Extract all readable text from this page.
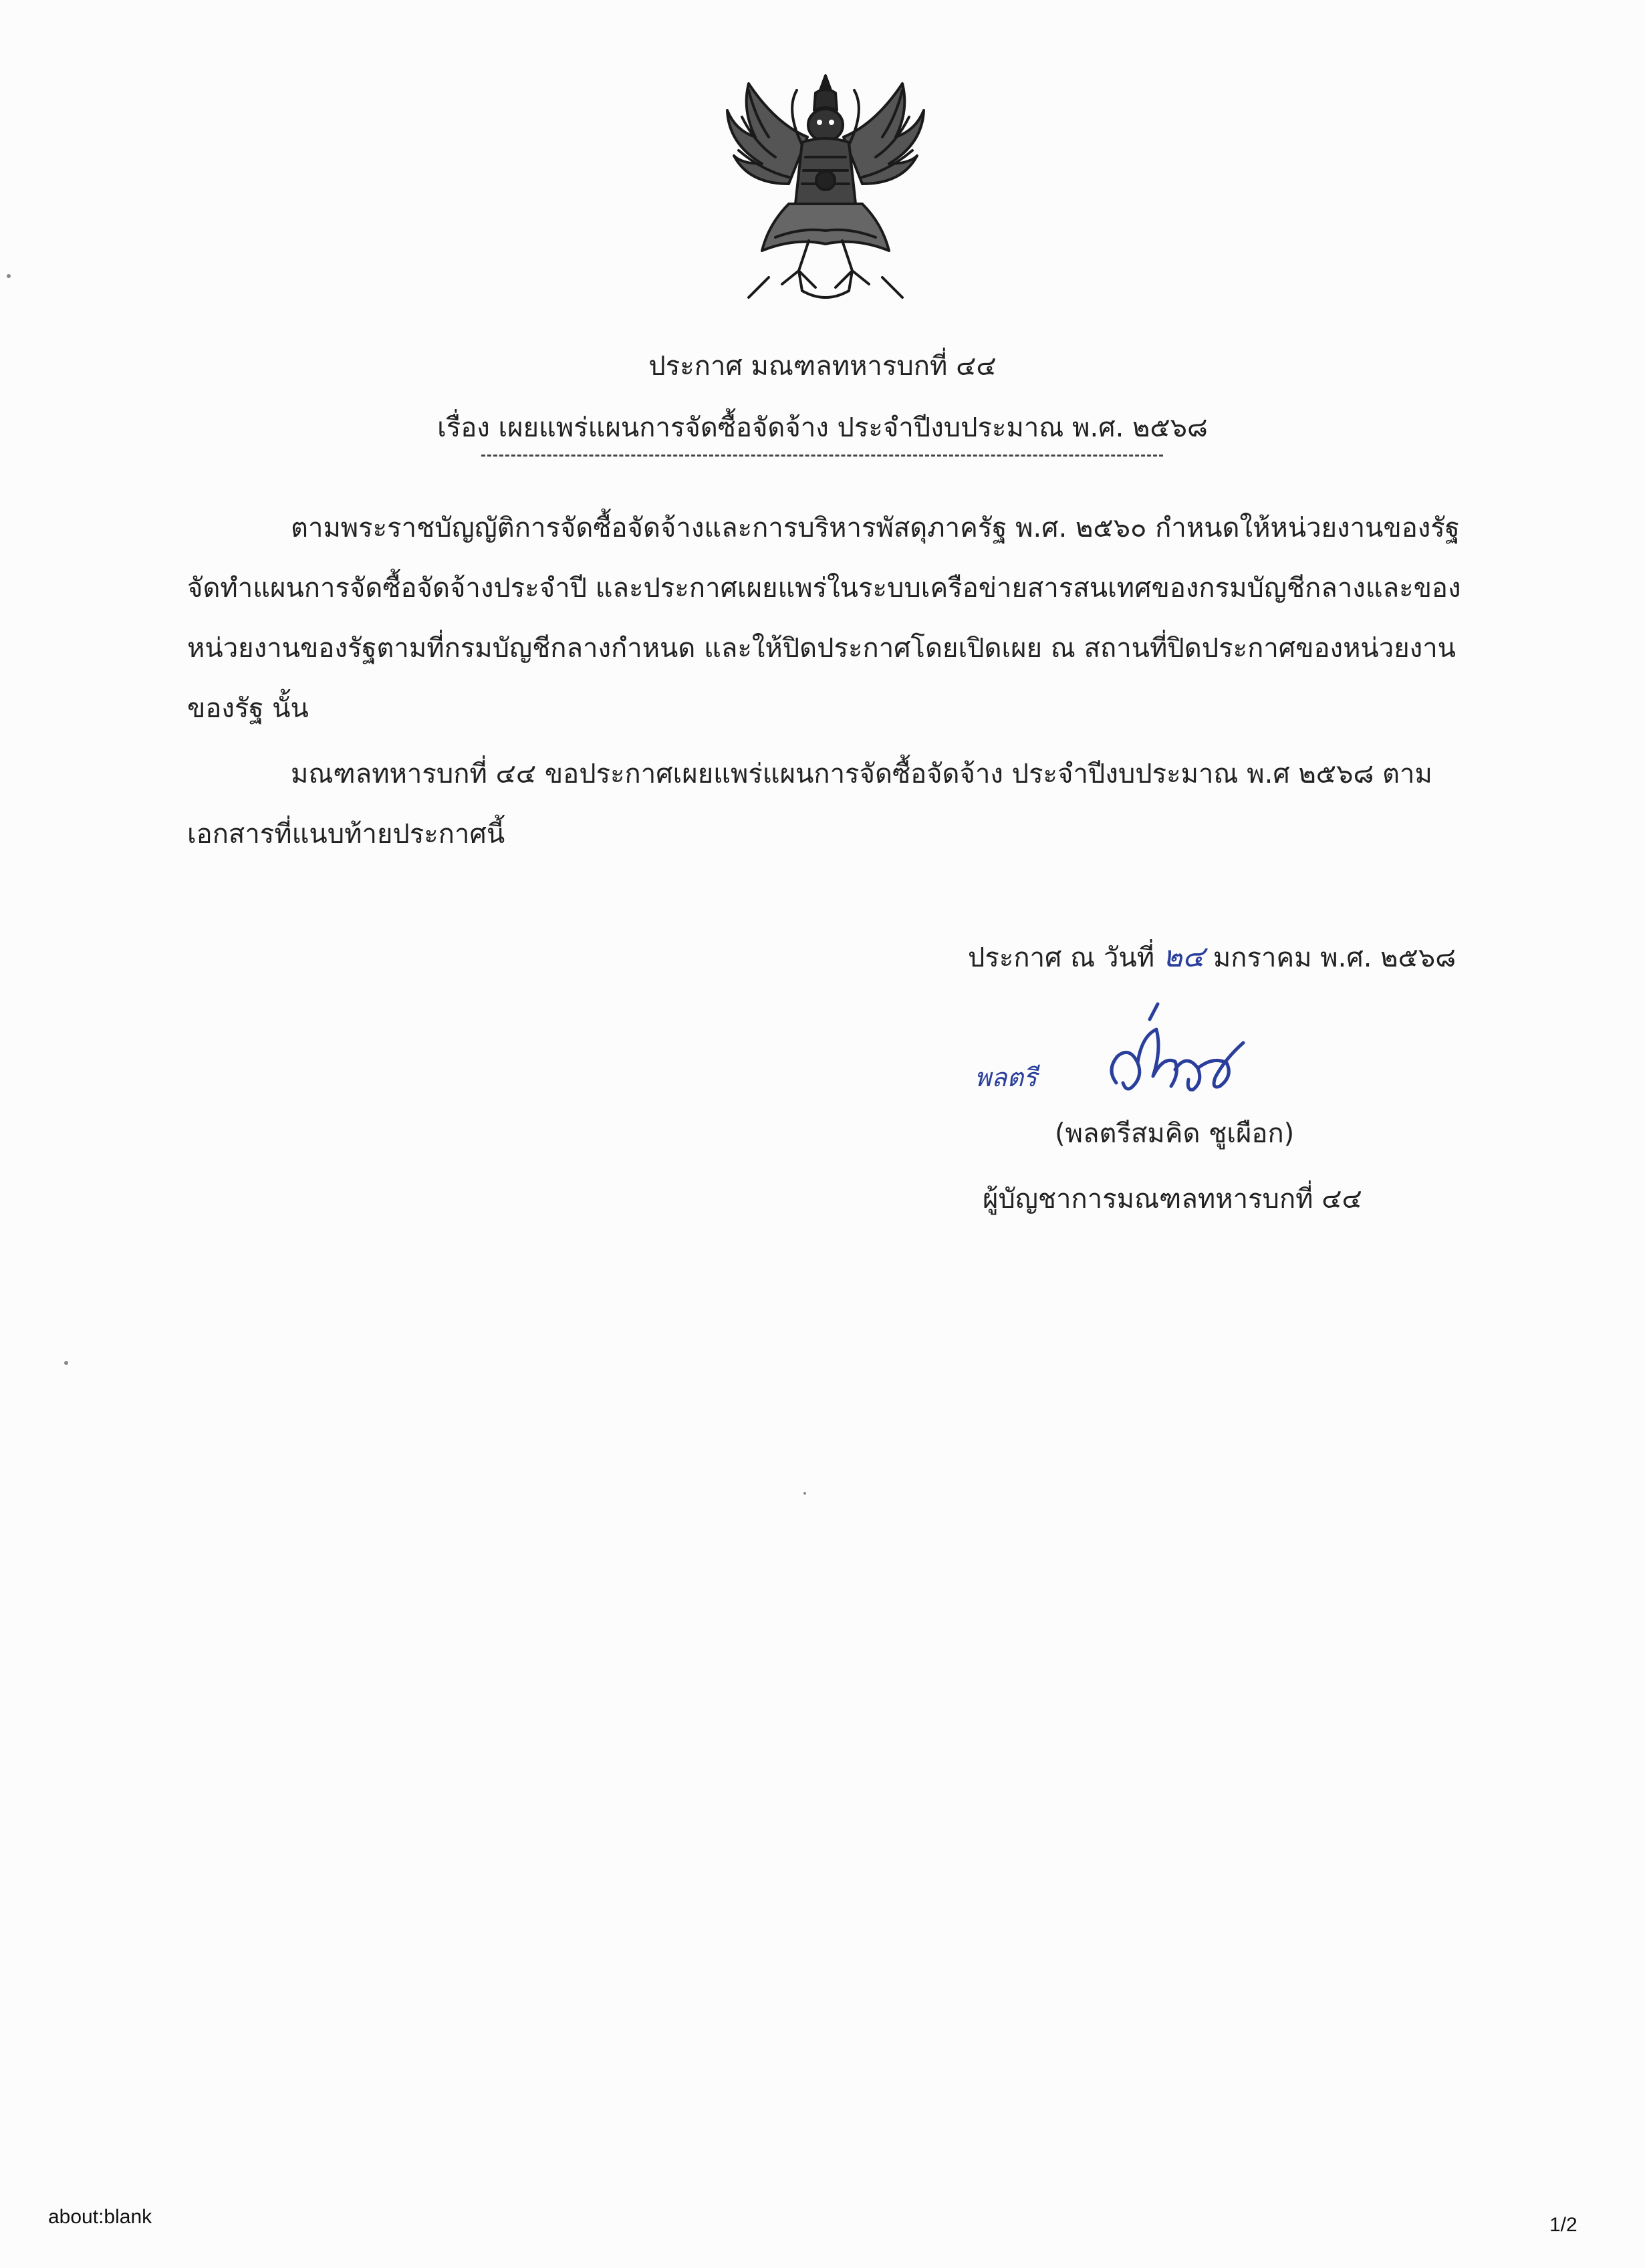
ประกาศ มณฑลทหารบกที่ ๔๔
เรื่อง เผยแพร่แผนการจัดซื้อจัดจ้าง ประจำปีงบประมาณ พ.ศ. ๒๕๖๘
ตามพระราชบัญญัติการจัดซื้อจัดจ้างและการบริหารพัสดุภาครัฐ พ.ศ. ๒๕๖๐ กำหนดให้หน่วยงานของรัฐ
จัดทำแผนการจัดซื้อจัดจ้างประจำปี และประกาศเผยแพร่ในระบบเครือข่ายสารสนเทศของกรมบัญชีกลางและของ
หน่วยงานของรัฐตามที่กรมบัญชีกลางกำหนด และให้ปิดประกาศโดยเปิดเผย ณ สถานที่ปิดประกาศของหน่วยงาน
ของรัฐ นั้น
มณฑลทหารบกที่ ๔๔ ขอประกาศเผยแพร่แผนการจัดซื้อจัดจ้าง ประจำปีงบประมาณ พ.ศ ๒๕๖๘ ตาม
เอกสารที่แนบท้ายประกาศนี้
ประกาศ ณ วันที่ ๒๔ มกราคม พ.ศ. ๒๕๖๘
พลตรี
(พลตรีสมคิด ชูเผือก)
ผู้บัญชาการมณฑลทหารบกที่ ๔๔
about:blank	1/2
